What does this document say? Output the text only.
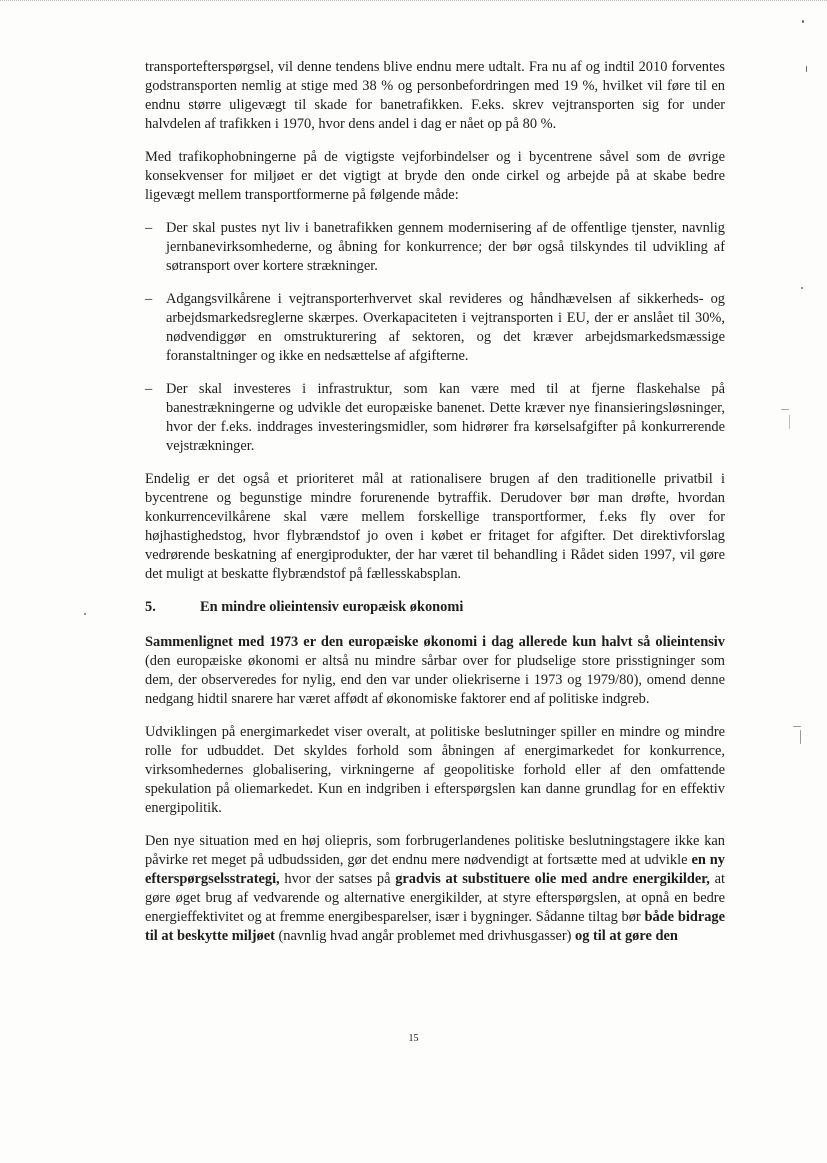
transportefterspørgsel, vil denne tendens blive endnu mere udtalt. Fra nu af og indtil 2010 forventes godstransporten nemlig at stige med 38 % og personbefordringen med 19 %, hvilket vil føre til en endnu større uligevægt til skade for banetrafikken. F.eks. skrev vejtransporten sig for under halvdelen af trafikken i 1970, hvor dens andel i dag er nået op på 80 %.

Med trafikophobningerne på de vigtigste vejforbindelser og i bycentrene såvel som de øvrige konsekvenser for miljøet er det vigtigt at bryde den onde cirkel og arbejde på at skabe bedre ligevægt mellem transportformerne på følgende måde:

– Der skal pustes nyt liv i banetrafikken gennem modernisering af de offentlige tjenster, navnlig jernbanevirksomhederne, og åbning for konkurrence; der bør også tilskyndes til udvikling af søtransport over kortere strækninger.
– Adgangsvilkårene i vejtransporterhvervet skal revideres og håndhævelsen af sikkerheds- og arbejdsmarkedsreglerne skærpes. Overkapaciteten i vejtransporten i EU, der er anslået til 30%, nødvendiggør en omstrukturering af sektoren, og det kræver arbejdsmarkedsmæssige foranstaltninger og ikke en nedsættelse af afgifterne.
– Der skal investeres i infrastruktur, som kan være med til at fjerne flaskehalse på banestrækningerne og udvikle det europæiske banenet. Dette kræver nye finansieringsløsninger, hvor der f.eks. inddrages investeringsmidler, som hidrører fra kørselsafgifter på konkurrerende vejstrækninger.

Endelig er det også et prioriteret mål at rationalisere brugen af den traditionelle privatbil i bycentrene og begunstige mindre forurenende bytraffik. Derudover bør man drøfte, hvordan konkurrencevilkårene skal være mellem forskellige transportformer, f.eks fly over for højhastighedstog, hvor flybrændstof jo oven i købet er fritaget for afgifter. Det direktivforslag vedrørende beskatning af energiprodukter, der har været til behandling i Rådet siden 1997, vil gøre det muligt at beskatte flybrændstof på fællesskabsplan.

5.	En mindre olieintensiv europæisk økonomi

Sammenlignet med 1973 er den europæiske økonomi i dag allerede kun halvt så olieintensiv (den europæiske økonomi er altså nu mindre sårbar over for pludselige store prisstigninger som dem, der observeredes for nylig, end den var under oliekriserne i 1973 og 1979/80), omend denne nedgang hidtil snarere har været affødt af økonomiske faktorer end af politiske indgreb.

Udviklingen på energimarkedet viser overalt, at politiske beslutninger spiller en mindre og mindre rolle for udbuddet. Det skyldes forhold som åbningen af energimarkedet for konkurrence, virksomhedernes globalisering, virkningerne af geopolitiske forhold eller af den omfattende spekulation på oliemarkedet. Kun en indgriben i efterspørgslen kan danne grundlag for en effektiv energipolitik.

Den nye situation med en høj oliepris, som forbrugerlandenes politiske beslutningstagere ikke kan påvirke ret meget på udbudssiden, gør det endnu mere nødvendigt at fortsætte med at udvikle en ny efterspørgselsstrategi, hvor der satses på gradvis at substituere olie med andre energikilder, at gøre øget brug af vedvarende og alternative energikilder, at styre efterspørgslen, at opnå en bedre energieffektivitet og at fremme energibesparelser, især i bygninger. Sådanne tiltag bør både bidrage til at beskytte miljøet (navnlig hvad angår problemet med drivhusgasser) og til at gøre den

15
